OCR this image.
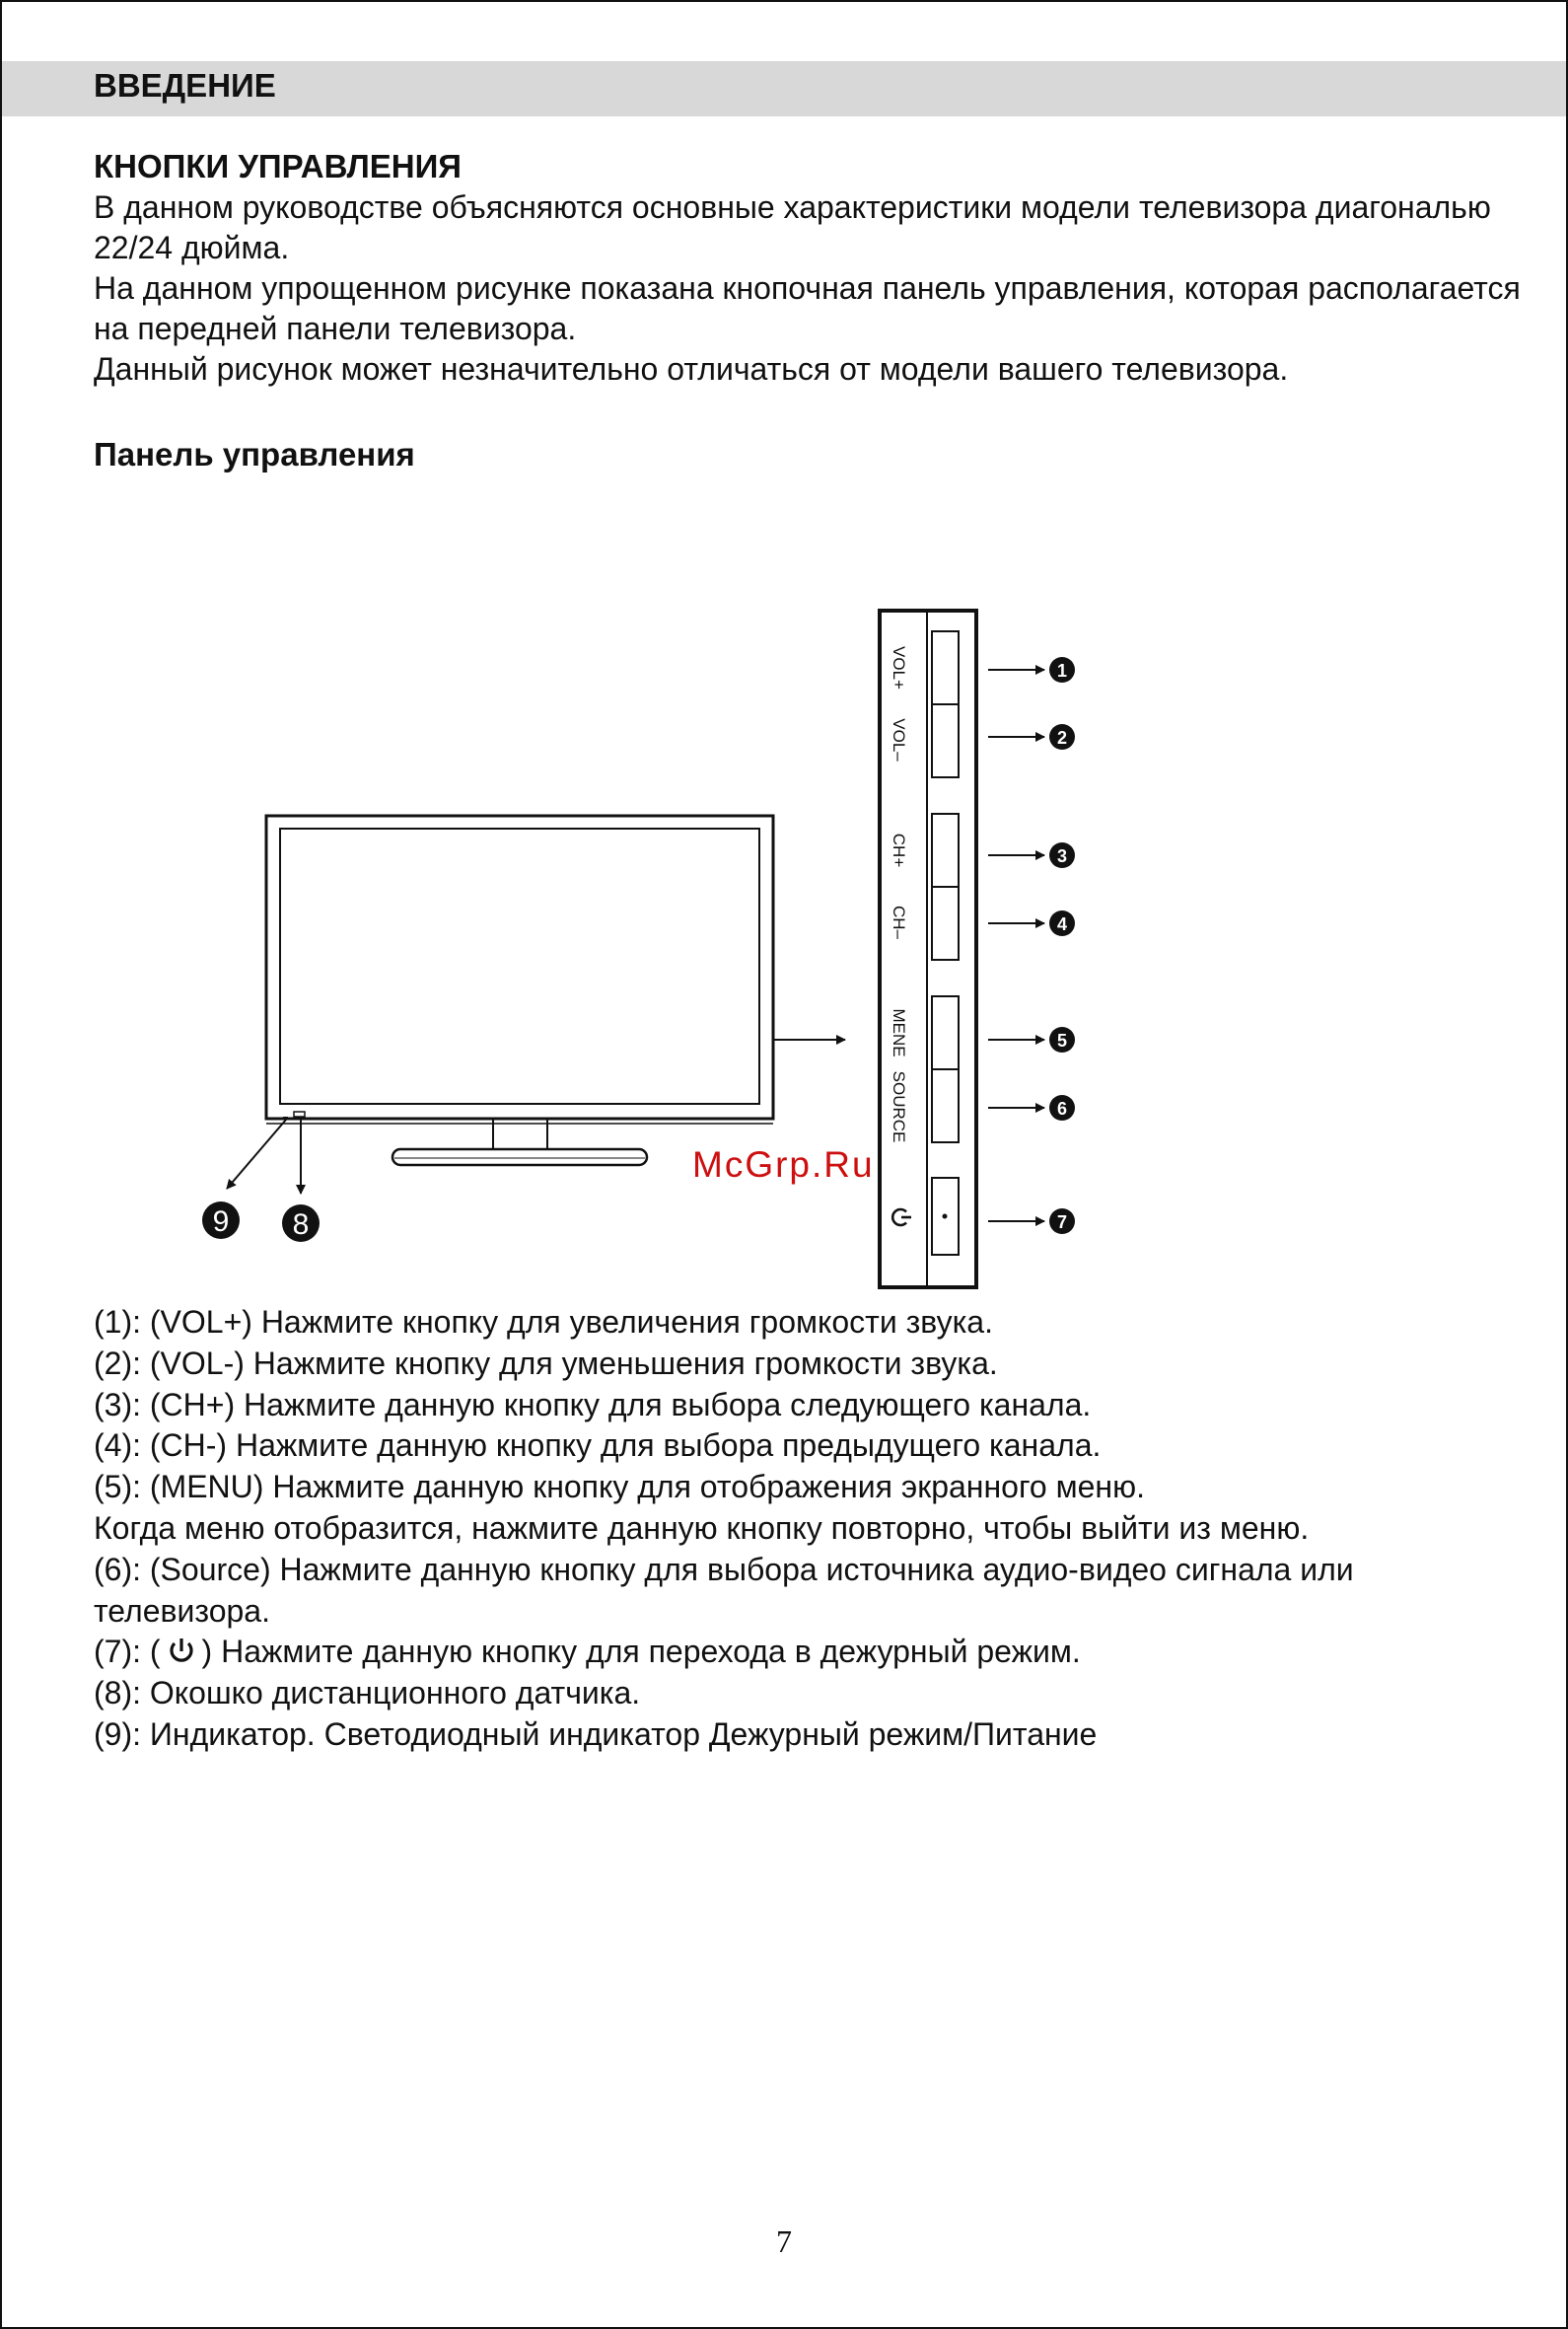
ВВЕДЕНИЕ
КНОПКИ УПРАВЛЕНИЯ

В данном руководстве объясняются основные характеристики модели телевизора диагональю 22/24 дюйма.

На данном упрощенном рисунке показана кнопочная панель управления, которая располагается на передней панели телевизора.

Данный рисунок может незначительно отличаться от модели вашего телевизора.

Панель управления
9 8
VOL+
VOL–
CH+
CH–
MENE
SOURCE
1
2
3
4
5
6
7

McGrp.Ru

(1): (VOL+) Нажмите кнопку для увеличения громкости звука.

(2): (VOL-) Нажмите кнопку для уменьшения громкости звука.

(3): (CH+) Нажмите данную кнопку для выбора следующего канала.

(4): (CH-) Нажмите данную кнопку для выбора предыдущего канала.

(5): (MENU) Нажмите данную кнопку для отображения экранного меню.

Когда меню отобразится, нажмите данную кнопку повторно, чтобы выйти из меню.

(6): (Source) Нажмите данную кнопку для выбора источника аудио-видео сигнала или телевизора.

(7): ( ) Нажмите данную кнопку для перехода в дежурный режим.

(8): Окошко дистанционного датчика.

(9): Индикатор. Светодиодный индикатор Дежурный режим/Питание

7
